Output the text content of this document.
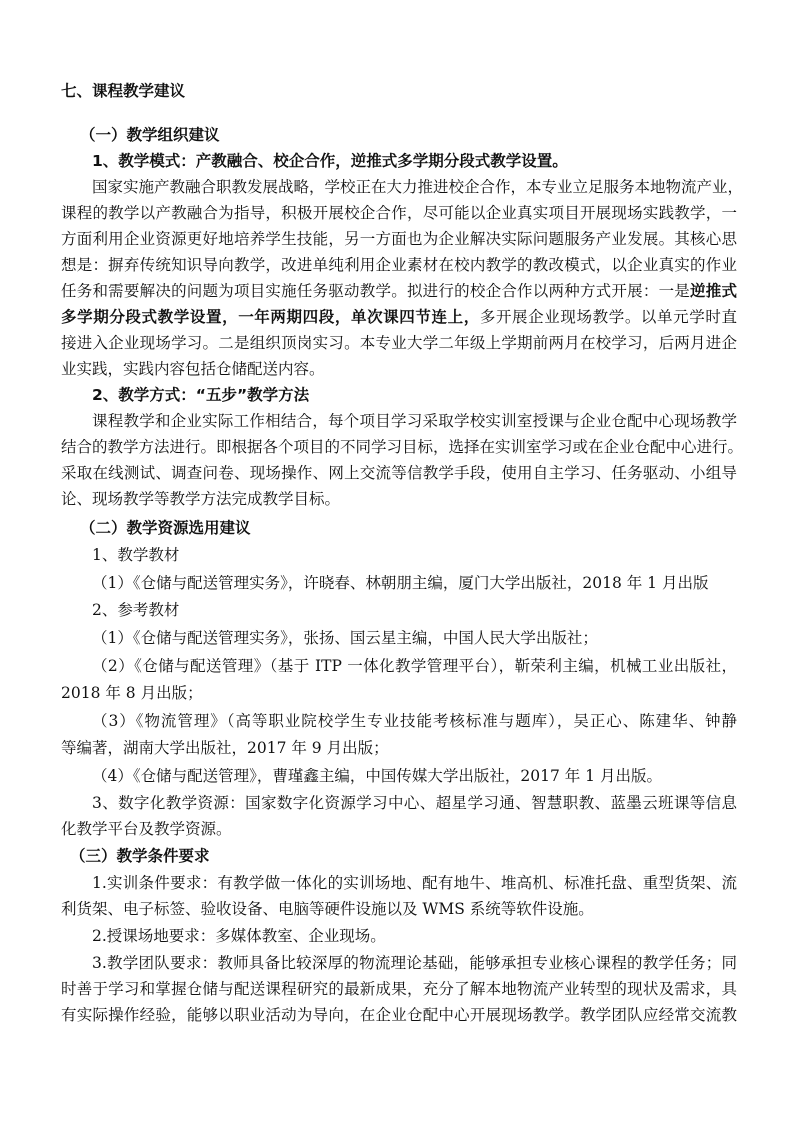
七、课程教学建议
（一）教学组织建议
1、教学模式：产教融合、校企合作，逆推式多学期分段式教学设置。
国家实施产教融合职教发展战略，学校正在大力推进校企合作，本专业立足服务本地物流产业，
课程的教学以产教融合为指导，积极开展校企合作，尽可能以企业真实项目开展现场实践教学，一
方面利用企业资源更好地培养学生技能，另一方面也为企业解决实际问题服务产业发展。其核心思
想是：摒弃传统知识导向教学，改进单纯利用企业素材在校内教学的教改模式，以企业真实的作业
任务和需要解决的问题为项目实施任务驱动教学。拟进行的校企合作以两种方式开展：一是逆推式
多学期分段式教学设置，一年两期四段，单次课四节连上，多开展企业现场教学。以单元学时直
接进入企业现场学习。二是组织顶岗实习。本专业大学二年级上学期前两月在校学习，后两月进企
业实践，实践内容包括仓储配送内容。
2、教学方式：“五步”教学方法
课程教学和企业实际工作相结合，每个项目学习采取学校实训室授课与企业仓配中心现场教学
结合的教学方法进行。即根据各个项目的不同学习目标，选择在实训室学习或在企业仓配中心进行。
采取在线测试、调查问卷、现场操作、网上交流等信教学手段，使用自主学习、任务驱动、小组导
论、现场教学等教学方法完成教学目标。
（二）教学资源选用建议
1、教学教材
（1）《仓储与配送管理实务》，许晓春、林朝朋主编，厦门大学出版社，2018 年 1 月出版
2、参考教材
（1）《仓储与配送管理实务》，张扬、国云星主编，中国人民大学出版社；
（2）《仓储与配送管理》（基于 ITP 一体化教学管理平台），靳荣利主编，机械工业出版社，
2018 年 8 月出版；
（3）《物流管理》（高等职业院校学生专业技能考核标准与题库），吴正心、陈建华、钟静
等编著，湖南大学出版社，2017 年 9 月出版；
（4）《仓储与配送管理》，曹瑾鑫主编，中国传媒大学出版社，2017 年 1 月出版。
3、数字化教学资源：国家数字化资源学习中心、超星学习通、智慧职教、蓝墨云班课等信息
化教学平台及教学资源。
（三）教学条件要求
1.实训条件要求：有教学做一体化的实训场地、配有地牛、堆高机、标准托盘、重型货架、流
利货架、电子标签、验收设备、电脑等硬件设施以及 WMS 系统等软件设施。
2.授课场地要求：多媒体教室、企业现场。
3.教学团队要求：教师具备比较深厚的物流理论基础，能够承担专业核心课程的教学任务；同
时善于学习和掌握仓储与配送课程研究的最新成果，充分了解本地物流产业转型的现状及需求，具
有实际操作经验，能够以职业活动为导向，在企业仓配中心开展现场教学。教学团队应经常交流教
